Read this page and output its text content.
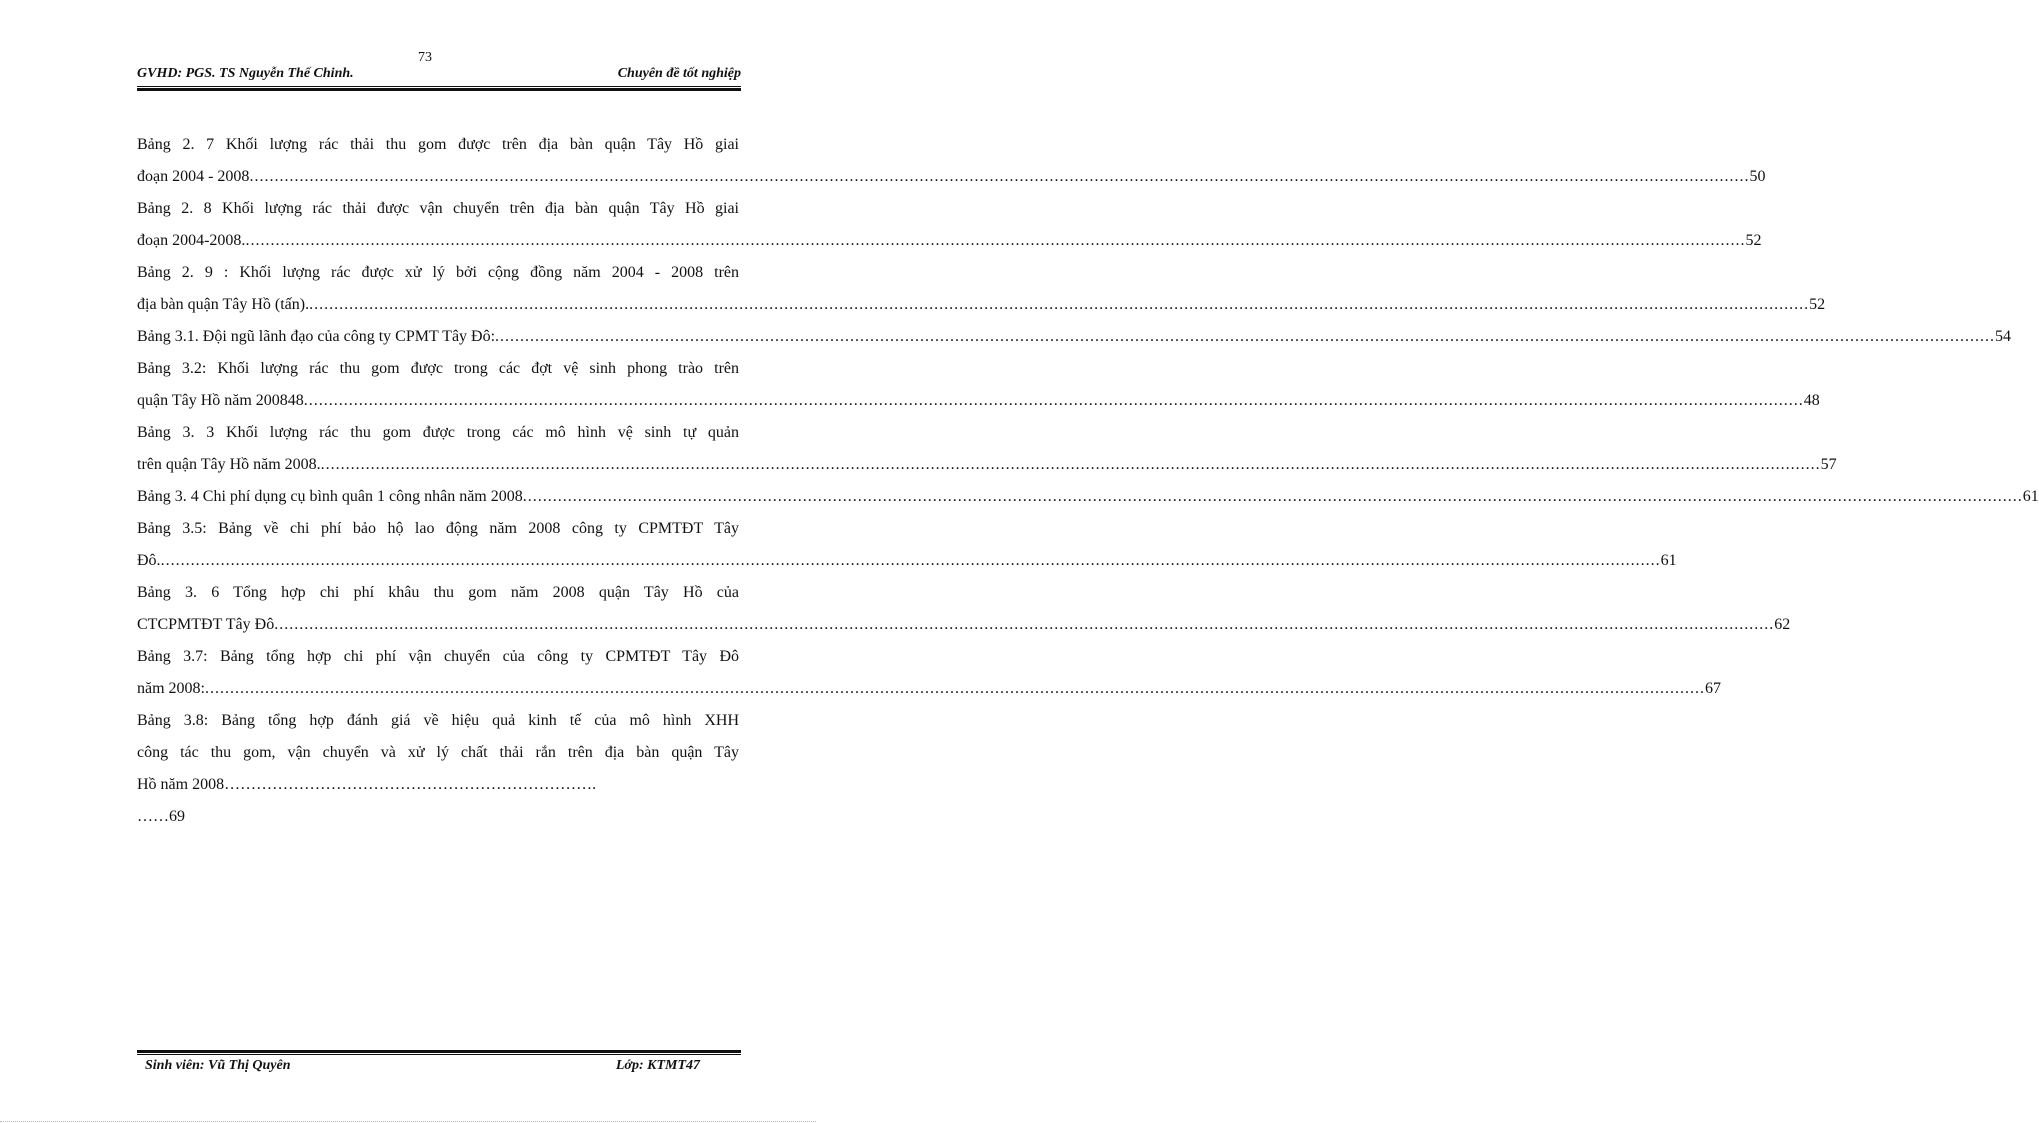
73
GVHD: PGS. TS Nguyễn Thế Chinh.	Chuyên đề tốt nghiệp
Bảng 2. 7 Khối lượng rác thải thu gom được trên địa bàn quận Tây Hồ giai
đoạn 2004 - 2008 ............................................................................................................................................................................................................................................................................................................ 50
Bảng 2. 8 Khối lượng rác thải được vận chuyển trên địa bàn quận Tây Hồ giai
đoạn 2004-2008. ............................................................................................................................................................................................................................................................................................................ 52
Bảng 2. 9 : Khối lượng rác được xử lý bởi cộng đồng năm 2004 - 2008 trên
địa bàn quận Tây Hồ (tấn). ............................................................................................................................................................................................................................................................................................................ 52
Bảng 3.1. Đội ngũ lãnh đạo của công ty CPMT Tây Đô: ............................................................................................................................................................................................................................................................................................................ 54
Bảng 3.2: Khối lượng rác thu gom được trong các đợt vệ sinh phong trào trên
quận Tây Hồ năm 200848 ............................................................................................................................................................................................................................................................................................................ 48
Bảng 3. 3 Khối lượng rác thu gom được trong các mô hình vệ sinh tự quản
trên quận Tây Hồ năm 2008. ............................................................................................................................................................................................................................................................................................................ 57
Bảng 3. 4 Chi phí dụng cụ bình quân 1 công nhân năm 2008 ............................................................................................................................................................................................................................................................................................................ 61
Bảng 3.5: Bảng về chi phí bảo hộ lao động năm 2008 công ty CPMTĐT Tây
Đô. ............................................................................................................................................................................................................................................................................................................ 61
Bảng 3. 6 Tổng hợp chi phí khâu thu gom năm 2008 quận Tây Hồ của
CTCPMTĐT Tây Đô ............................................................................................................................................................................................................................................................................................................ 62
Bảng 3.7: Bảng tổng hợp chi phí vận chuyển của công ty CPMTĐT Tây Đô
năm 2008: ............................................................................................................................................................................................................................................................................................................ 67
Bảng 3.8: Bảng tổng hợp đánh giá về hiệu quả kinh tế của mô hình XHH
công tác thu gom, vận chuyển và xử lý chất thải rắn trên địa bàn quận Tây
Hồ năm 2008…………………………………………………………….
……69
Sinh viên: Vũ Thị Quyên	Lớp: KTMT47
